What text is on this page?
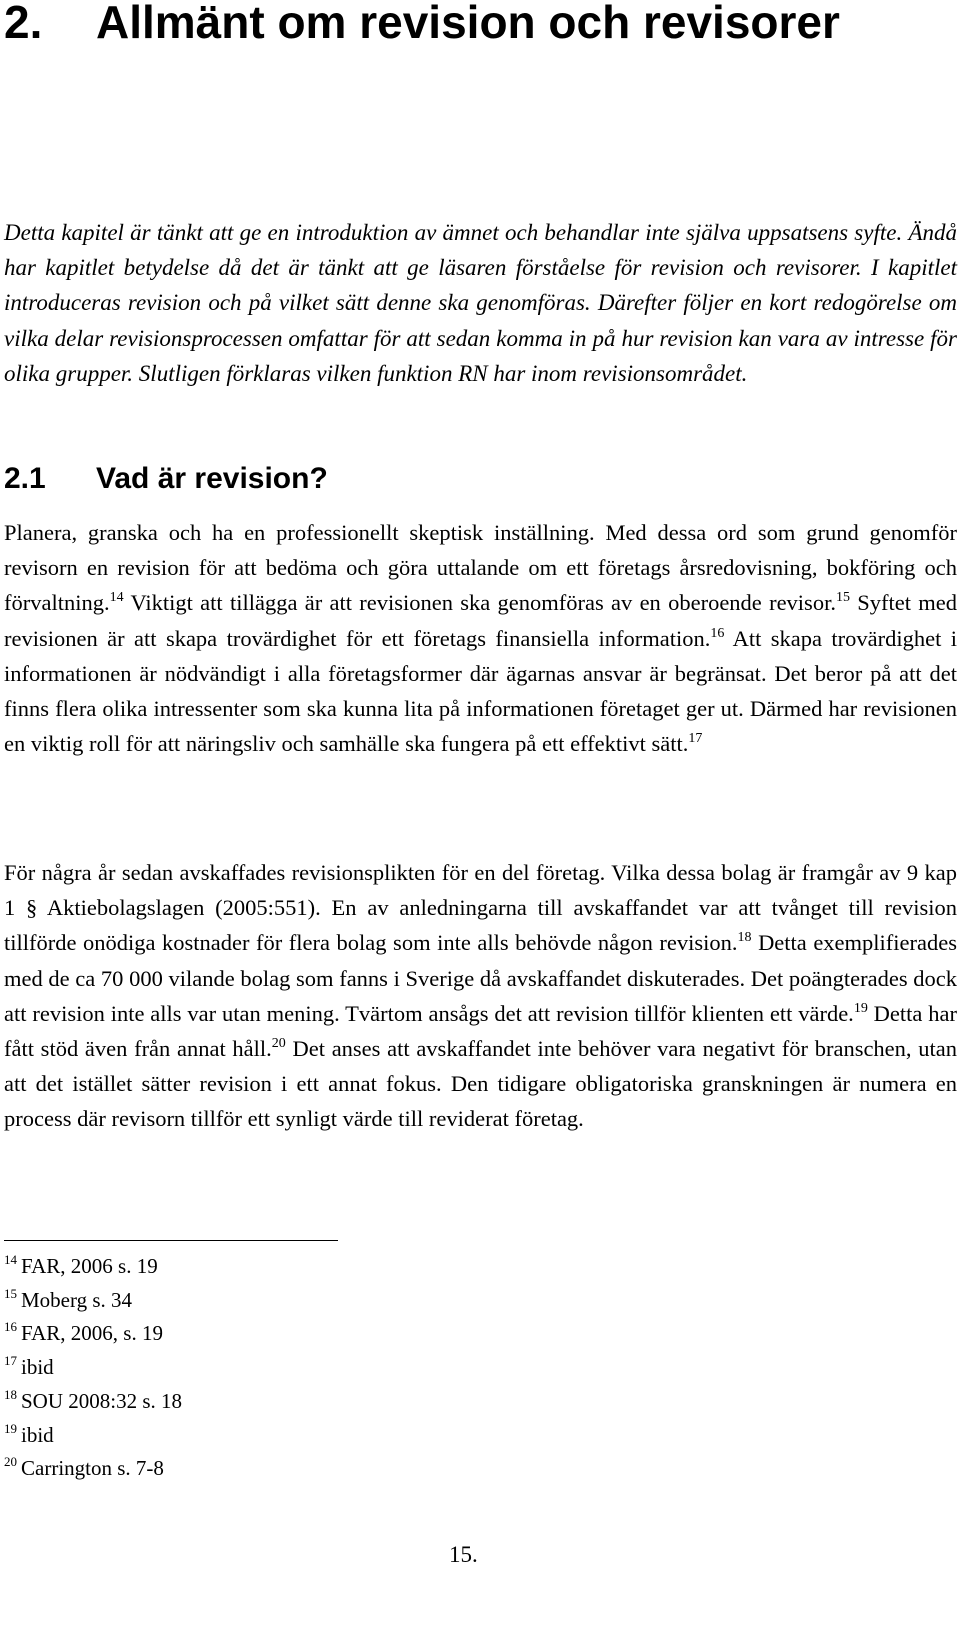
2. Allmänt om revision och revisorer

Detta kapitel är tänkt att ge en introduktion av ämnet och behandlar inte själva uppsatsens syfte. Ändå har kapitlet betydelse då det är tänkt att ge läsaren förståelse för revision och revisorer. I kapitlet introduceras revision och på vilket sätt denne ska genomföras. Därefter följer en kort redogörelse om vilka delar revisionsprocessen omfattar för att sedan komma in på hur revision kan vara av intresse för olika grupper. Slutligen förklaras vilken funktion RN har inom revisionsområdet.

2.1 Vad är revision?

Planera, granska och ha en professionellt skeptisk inställning. Med dessa ord som grund genomför revisorn en revision för att bedöma och göra uttalande om ett företags årsredovisning, bokföring och förvaltning.$^{14}$ Viktigt att tillägga är att revisionen ska genomföras av en oberoende revisor.$^{15}$ Syftet med revisionen är att skapa trovärdighet för ett företags finansiella information.$^{16}$ Att skapa trovärdighet i informationen är nödvändigt i alla företagsformer där ägarnas ansvar är begränsat. Det beror på att det finns flera olika intressenter som ska kunna lita på informationen företaget ger ut. Därmed har revisionen en viktig roll för att näringsliv och samhälle ska fungera på ett effektivt sätt.$^{17}$

För några år sedan avskaffades revisionsplikten för en del företag. Vilka dessa bolag är framgår av 9 kap 1 § Aktiebolagslagen (2005:551). En av anledningarna till avskaffandet var att tvånget till revision tillförde onödiga kostnader för flera bolag som inte alls behövde någon revision.$^{18}$ Detta exemplifierades med de ca 70 000 vilande bolag som fanns i Sverige då avskaffandet diskuterades. Det poängterades dock att revision inte alls var utan mening. Tvärtom ansågs det att revision tillför klienten ett värde.$^{19}$ Detta har fått stöd även från annat håll.$^{20}$ Det anses att avskaffandet inte behöver vara negativt för branschen, utan att det istället sätter revision i ett annat fokus. Den tidigare obligatoriska granskningen är numera en process där revisorn tillför ett synligt värde till reviderat företag.

$^{14}$ FAR, 2006 s. 19
$^{15}$ Moberg s. 34
$^{16}$ FAR, 2006, s. 19
$^{17}$ ibid
$^{18}$ SOU 2008:32 s. 18
$^{19}$ ibid
$^{20}$ Carrington s. 7-8
15.
